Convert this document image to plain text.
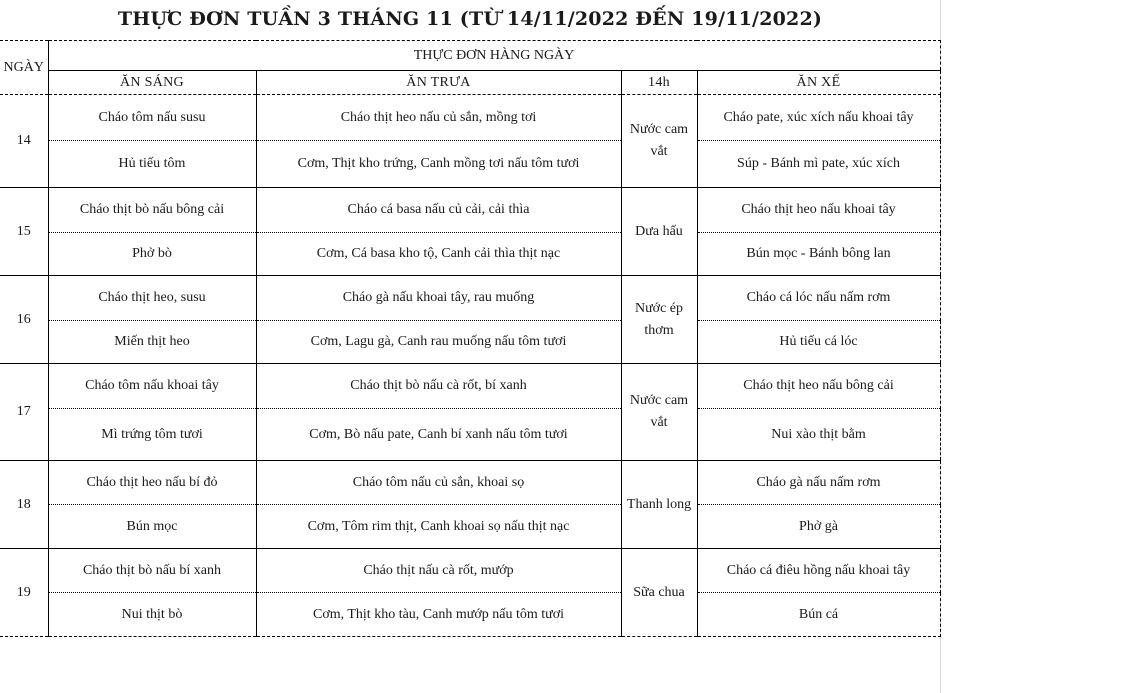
THỰC ĐƠN TUẦN 3 THÁNG 11 (TỪ 14/11/2022 ĐẾN 19/11/2022)
NGÀY	THỰC ĐƠN HÀNG NGÀY			
	ĂN SÁNG	ĂN TRƯA	14h	ĂN XẾ
14	Cháo tôm nấu susu	Cháo thịt heo nấu củ sắn, mồng tơi	Nước cam vắt	Cháo pate, xúc xích nấu khoai tây
	Hủ tiếu tôm	Cơm, Thịt kho trứng, Canh mồng tơi nấu tôm tươi		Súp - Bánh mì pate, xúc xích
15	Cháo thịt bò nấu bông cải	Cháo cá basa nấu củ cải, cải thìa	Dưa hấu	Cháo thịt heo nấu khoai tây
	Phở bò	Cơm, Cá basa kho tộ, Canh cải thìa thịt nạc		Bún mọc - Bánh bông lan
16	Cháo thịt heo, susu	Cháo gà nấu khoai tây, rau muống	Nước ép thơm	Cháo cá lóc nấu nấm rơm
	Miến thịt heo	Cơm, Lagu gà, Canh rau muống nấu tôm tươi		Hủ tiếu cá lóc
17	Cháo tôm nấu khoai tây	Cháo thịt bò nấu cà rốt, bí xanh	Nước cam vắt	Cháo thịt heo nấu bông cải
	Mì trứng tôm tươi	Cơm, Bò nấu pate, Canh bí xanh nấu tôm tươi		Nui xào thịt bằm
18	Cháo thịt heo nấu bí đỏ	Cháo tôm nấu củ sắn, khoai sọ	Thanh long	Cháo gà nấu nấm rơm
	Bún mọc	Cơm, Tôm rim thịt, Canh khoai sọ nấu thịt nạc		Phở gà
19	Cháo thịt bò nấu bí xanh	Cháo thịt nấu cà rốt, mướp	Sữa chua	Cháo cá điêu hồng nấu khoai tây
	Nui thịt bò	Cơm, Thịt kho tàu, Canh mướp nấu tôm tươi		Bún cá
